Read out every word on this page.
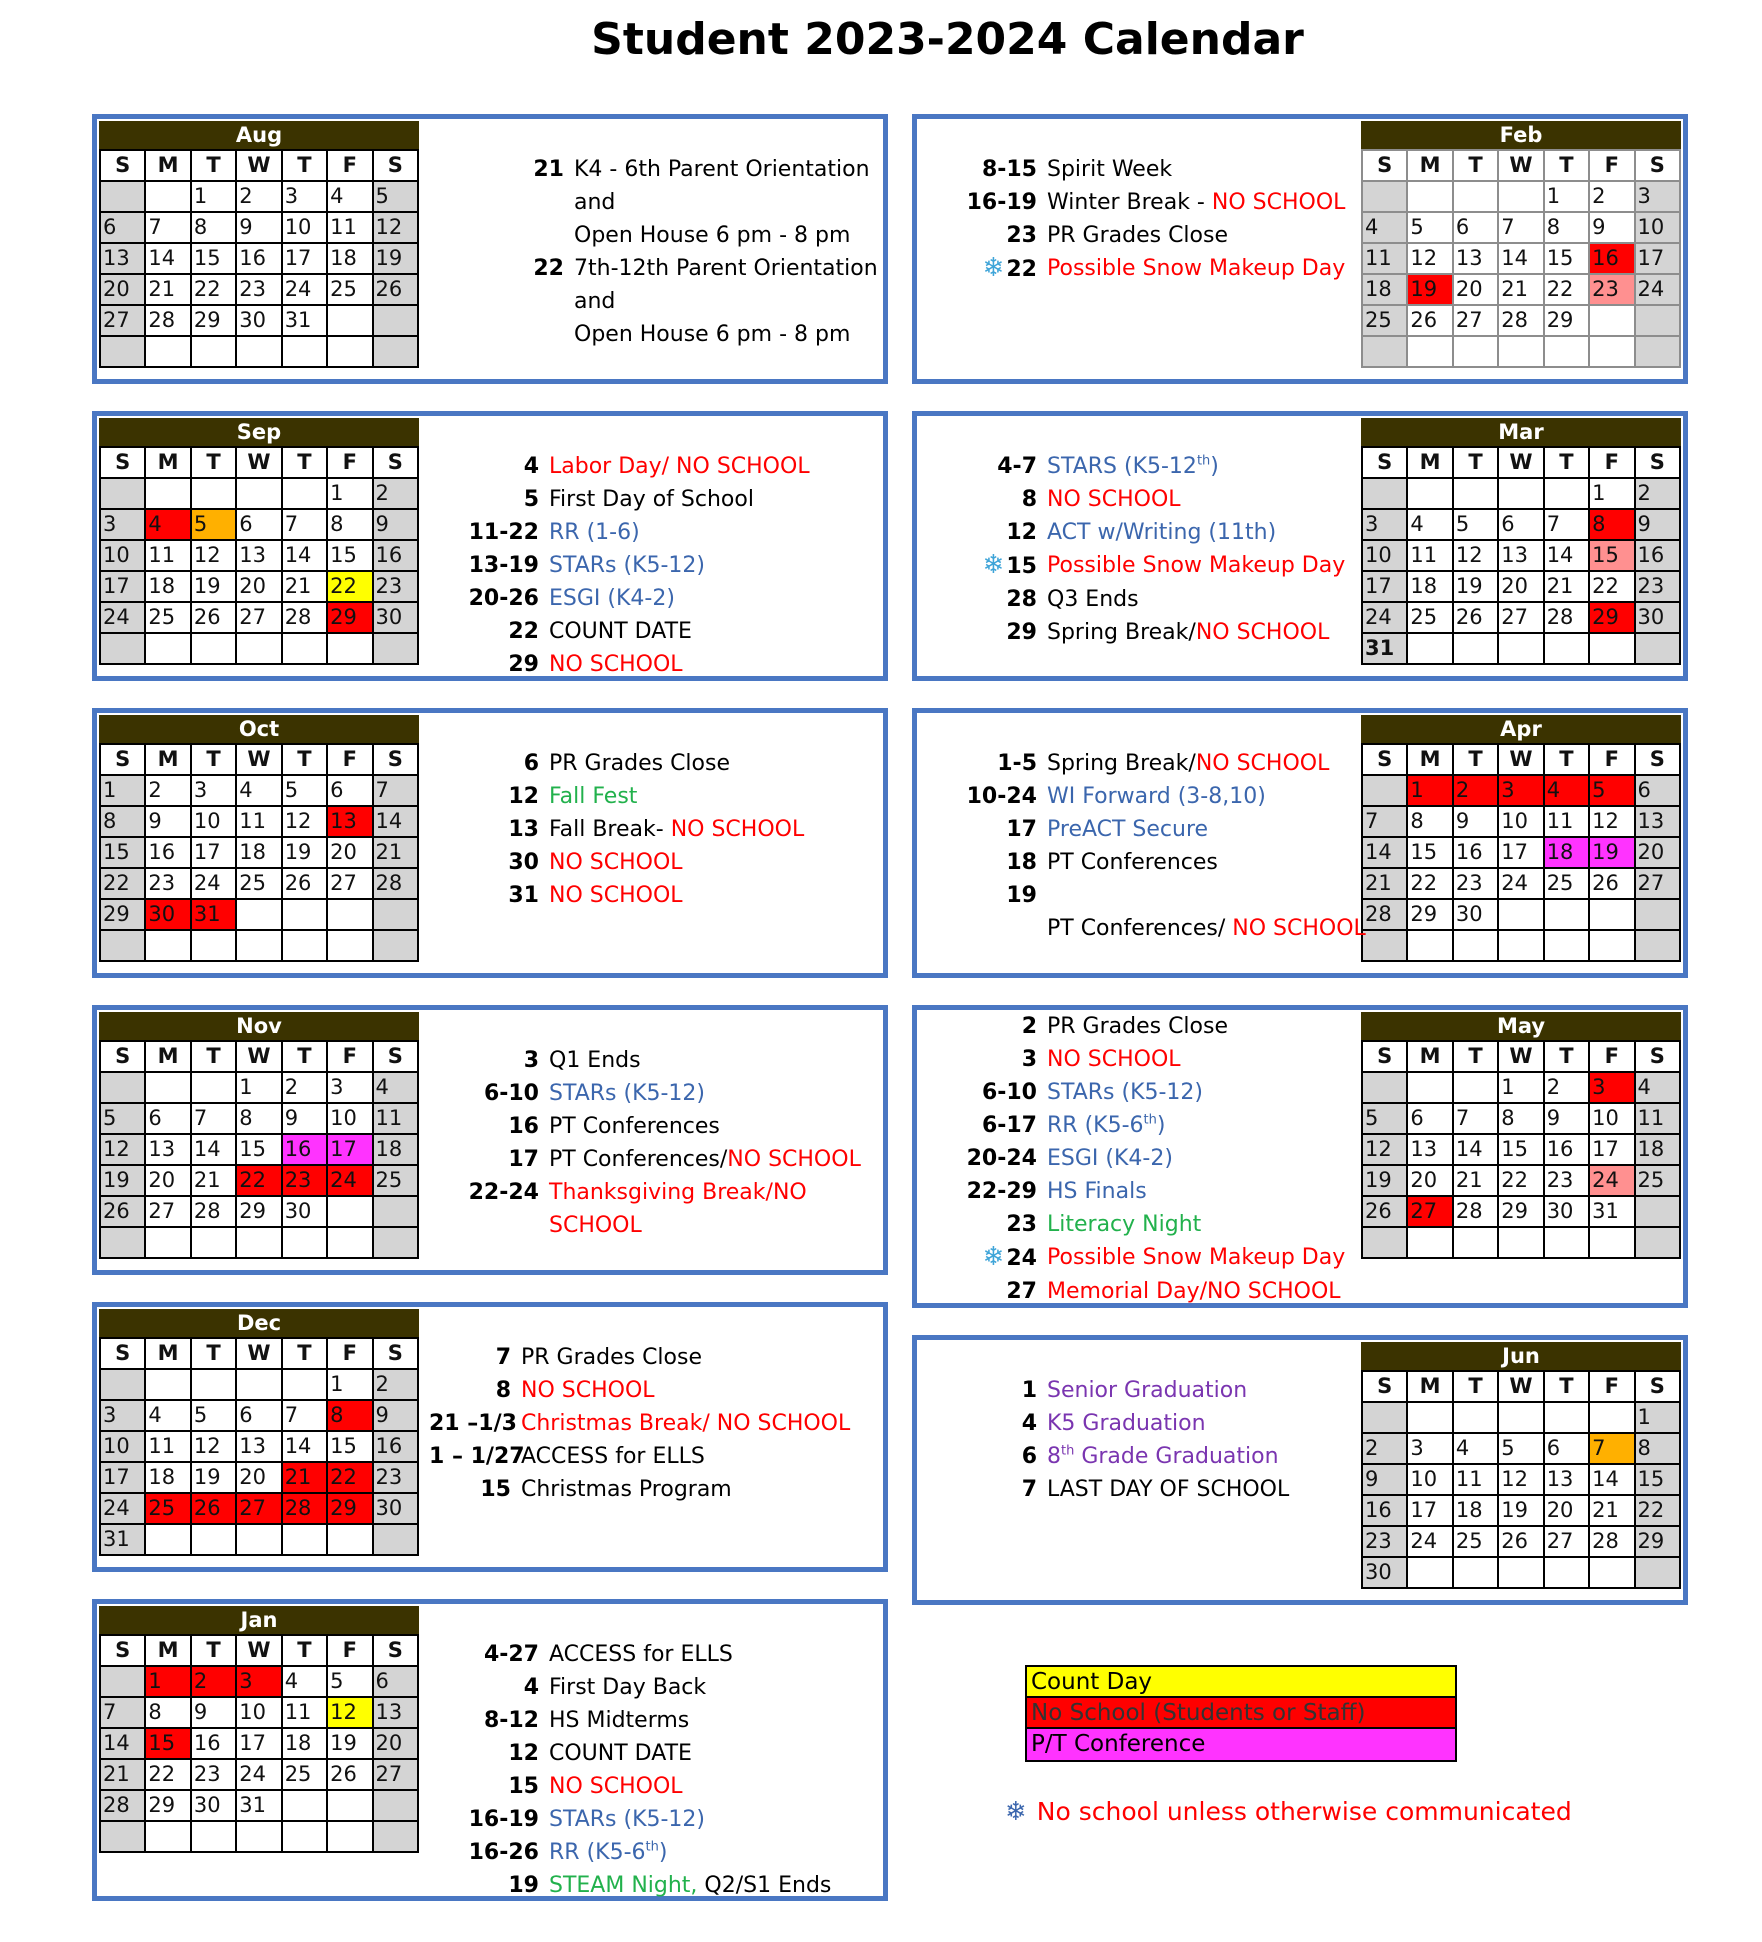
Student 2023-2024 Calendar
Aug
S	M	T	W	T	F	S
		1	2	3	4	5
6	7	8	9	10	11	12
13	14	15	16	17	18	19
20	21	22	23	24	25	26
27	28	29	30	31		

21 K4 - 6th Parent Orientation and
Open House 6 pm - 8 pm
22 7th-12th Parent Orientation and
Open House 6 pm - 8 pm
Sep
S	M	T	W	T	F	S
					1	2
3	4	5	6	7	8	9
10	11	12	13	14	15	16
17	18	19	20	21	22	23
24	25	26	27	28	29	30

4 Labor Day/ NO SCHOOL
5 First Day of School
11-22 RR (1-6)
13-19 STARs (K5-12)
20-26 ESGI (K4-2)
22 COUNT DATE
29 NO SCHOOL
Oct
S	M	T	W	T	F	S
1	2	3	4	5	6	7
8	9	10	11	12	13	14
15	16	17	18	19	20	21
22	23	24	25	26	27	28
29	30	31				

6 PR Grades Close
12 Fall Fest
13 Fall Break- NO SCHOOL
30 NO SCHOOL
31 NO SCHOOL
Nov
S	M	T	W	T	F	S
			1	2	3	4
5	6	7	8	9	10	11
12	13	14	15	16	17	18
19	20	21	22	23	24	25
26	27	28	29	30		

3 Q1 Ends
6-10 STARs (K5-12)
16 PT Conferences
17 PT Conferences/NO SCHOOL
22-24 Thanksgiving Break/NO
SCHOOL
Dec
S	M	T	W	T	F	S
					1	2
3	4	5	6	7	8	9
10	11	12	13	14	15	16
17	18	19	20	21	22	23
24	25	26	27	28	29	30
31						
7 PR Grades Close
8 NO SCHOOL
21 –1/3 Christmas Break/ NO SCHOOL
1 – 1/27
ACCESS for ELLS
15 Christmas Program
Jan
S	M	T	W	T	F	S
	1	2	3	4	5	6
7	8	9	10	11	12	13
14	15	16	17	18	19	20
21	22	23	24	25	26	27
28	29	30	31			

4-27 ACCESS for ELLS
4 First Day Back
8-12 HS Midterms
12 COUNT DATE
15 NO SCHOOL
16-19 STARs (K5-12)
16-26 RR (K5-6th)
19 STEAM Night, Q2/S1 Ends
Feb
S	M	T	W	T	F	S
				1	2	3
4	5	6	7	8	9	10
11	12	13	14	15	16	17
18	19	20	21	22	23	24
25	26	27	28	29		

8-15 Spirit Week
16-19 Winter Break - NO SCHOOL
23 PR Grades Close
❄22 Possible Snow Makeup Day
Mar
S	M	T	W	T	F	S
					1	2
3	4	5	6	7	8	9
10	11	12	13	14	15	16
17	18	19	20	21	22	23
24	25	26	27	28	29	30
31						
4-7 STARS (K5-12th)
8 NO SCHOOL
12 ACT w/Writing (11th)
❄15 Possible Snow Makeup Day
28 Q3 Ends
29 Spring Break/NO SCHOOL
Apr
S	M	T	W	T	F	S
	1	2	3	4	5	6
7	8	9	10	11	12	13
14	15	16	17	18	19	20
21	22	23	24	25	26	27
28	29	30				

1-5 Spring Break/NO SCHOOL
10-24 WI Forward (3-8,10)
17 PreACT Secure
18 PT Conferences
19

PT Conferences/ NO SCHOOL
May
S	M	T	W	T	F	S
			1	2	3	4
5	6	7	8	9	10	11
12	13	14	15	16	17	18
19	20	21	22	23	24	25
26	27	28	29	30	31	

2 PR Grades Close
3 NO SCHOOL
6-10 STARs (K5-12)
6-17 RR (K5-6th)
20-24 ESGI (K4-2)
22-29 HS Finals
23 Literacy Night
❄24 Possible Snow Makeup Day
27 Memorial Day/NO SCHOOL
Jun
S	M	T	W	T	F	S
						1
2	3	4	5	6	7	8
9	10	11	12	13	14	15
16	17	18	19	20	21	22
23	24	25	26	27	28	29
30						
1 Senior Graduation
4 K5 Graduation
6 8th Grade Graduation
7 LAST DAY OF SCHOOL
Count Day
No School (Students or Staff)
P/T Conference
❄ No school unless otherwise communicated
